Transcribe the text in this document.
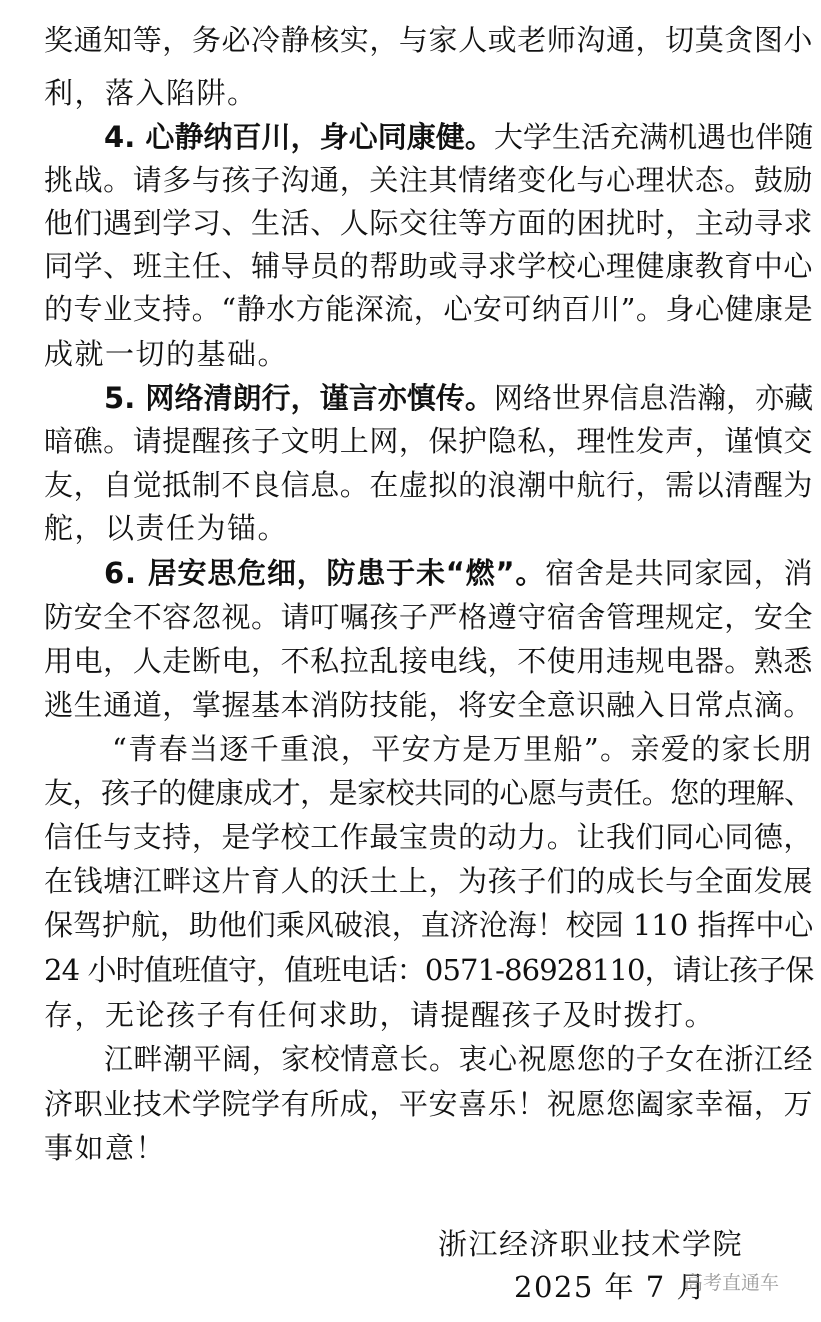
奖通知等，务必冷静核实，与家人或老师沟通，切莫贪图小
利，落入陷阱。
4. 心静纳百川，身心同康健。大学生活充满机遇也伴随
挑战。请多与孩子沟通，关注其情绪变化与心理状态。鼓励
他们遇到学习、生活、人际交往等方面的困扰时，主动寻求
同学、班主任、辅导员的帮助或寻求学校心理健康教育中心
的专业支持。“静水方能深流，心安可纳百川”。身心健康是
成就一切的基础。
5. 网络清朗行，谨言亦慎传。网络世界信息浩瀚，亦藏
暗礁。请提醒孩子文明上网，保护隐私，理性发声，谨慎交
友，自觉抵制不良信息。在虚拟的浪潮中航行，需以清醒为
舵，以责任为锚。
6. 居安思危细，防患于未“燃”。宿舍是共同家园，消
防安全不容忽视。请叮嘱孩子严格遵守宿舍管理规定，安全
用电，人走断电，不私拉乱接电线，不使用违规电器。熟悉
逃生通道，掌握基本消防技能，将安全意识融入日常点滴。
“青春当逐千重浪，平安方是万里船”。亲爱的家长朋
友，孩子的健康成才，是家校共同的心愿与责任。您的理解、
信任与支持，是学校工作最宝贵的动力。让我们同心同德，
在钱塘江畔这片育人的沃土上，为孩子们的成长与全面发展
保驾护航，助他们乘风破浪，直济沧海！校园 110 指挥中心
24 小时值班值守，值班电话：0571-86928110，请让孩子保
存，无论孩子有任何求助，请提醒孩子及时拨打。
江畔潮平阔，家校情意长。衷心祝愿您的子女在浙江经
济职业技术学院学有所成，平安喜乐！祝愿您阖家幸福，万
事如意！
浙江经济职业技术学院
2025 年 7 月
高考直通车
